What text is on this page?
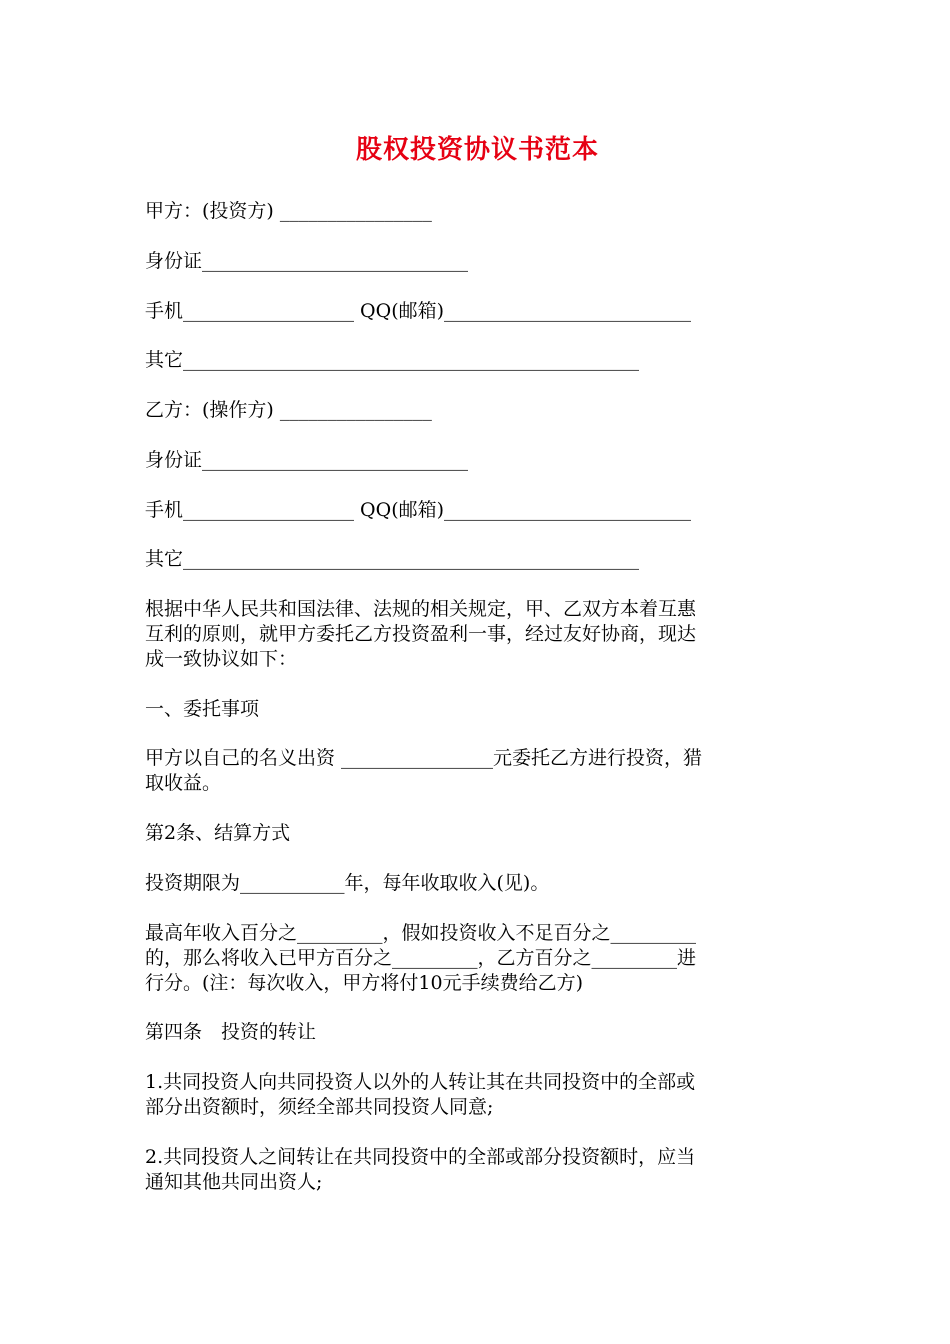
股权投资协议书范本
甲方：(投资方) ________________
身份证____________________________
手机__________________ QQ(邮箱)__________________________
其它________________________________________________
乙方：(操作方) ________________
身份证____________________________
手机__________________ QQ(邮箱)__________________________
其它________________________________________________
根据中华人民共和国法律、法规的相关规定，甲、乙双方本着互惠
互利的原则，就甲方委托乙方投资盈利一事，经过友好协商，现达
成一致协议如下：
一、委托事项
甲方以自己的名义出资 ________________元委托乙方进行投资，猎
取收益。
第2条、结算方式
投资期限为___________年，每年收取收入(见)。
最高年收入百分之_________，假如投资收入不足百分之_________
的，那么将收入已甲方百分之_________，乙方百分之_________进
行分。(注：每次收入，甲方将付10元手续费给乙方)
第四条　投资的转让
1.共同投资人向共同投资人以外的人转让其在共同投资中的全部或
部分出资额时，须经全部共同投资人同意;
2.共同投资人之间转让在共同投资中的全部或部分投资额时，应当
通知其他共同出资人;
